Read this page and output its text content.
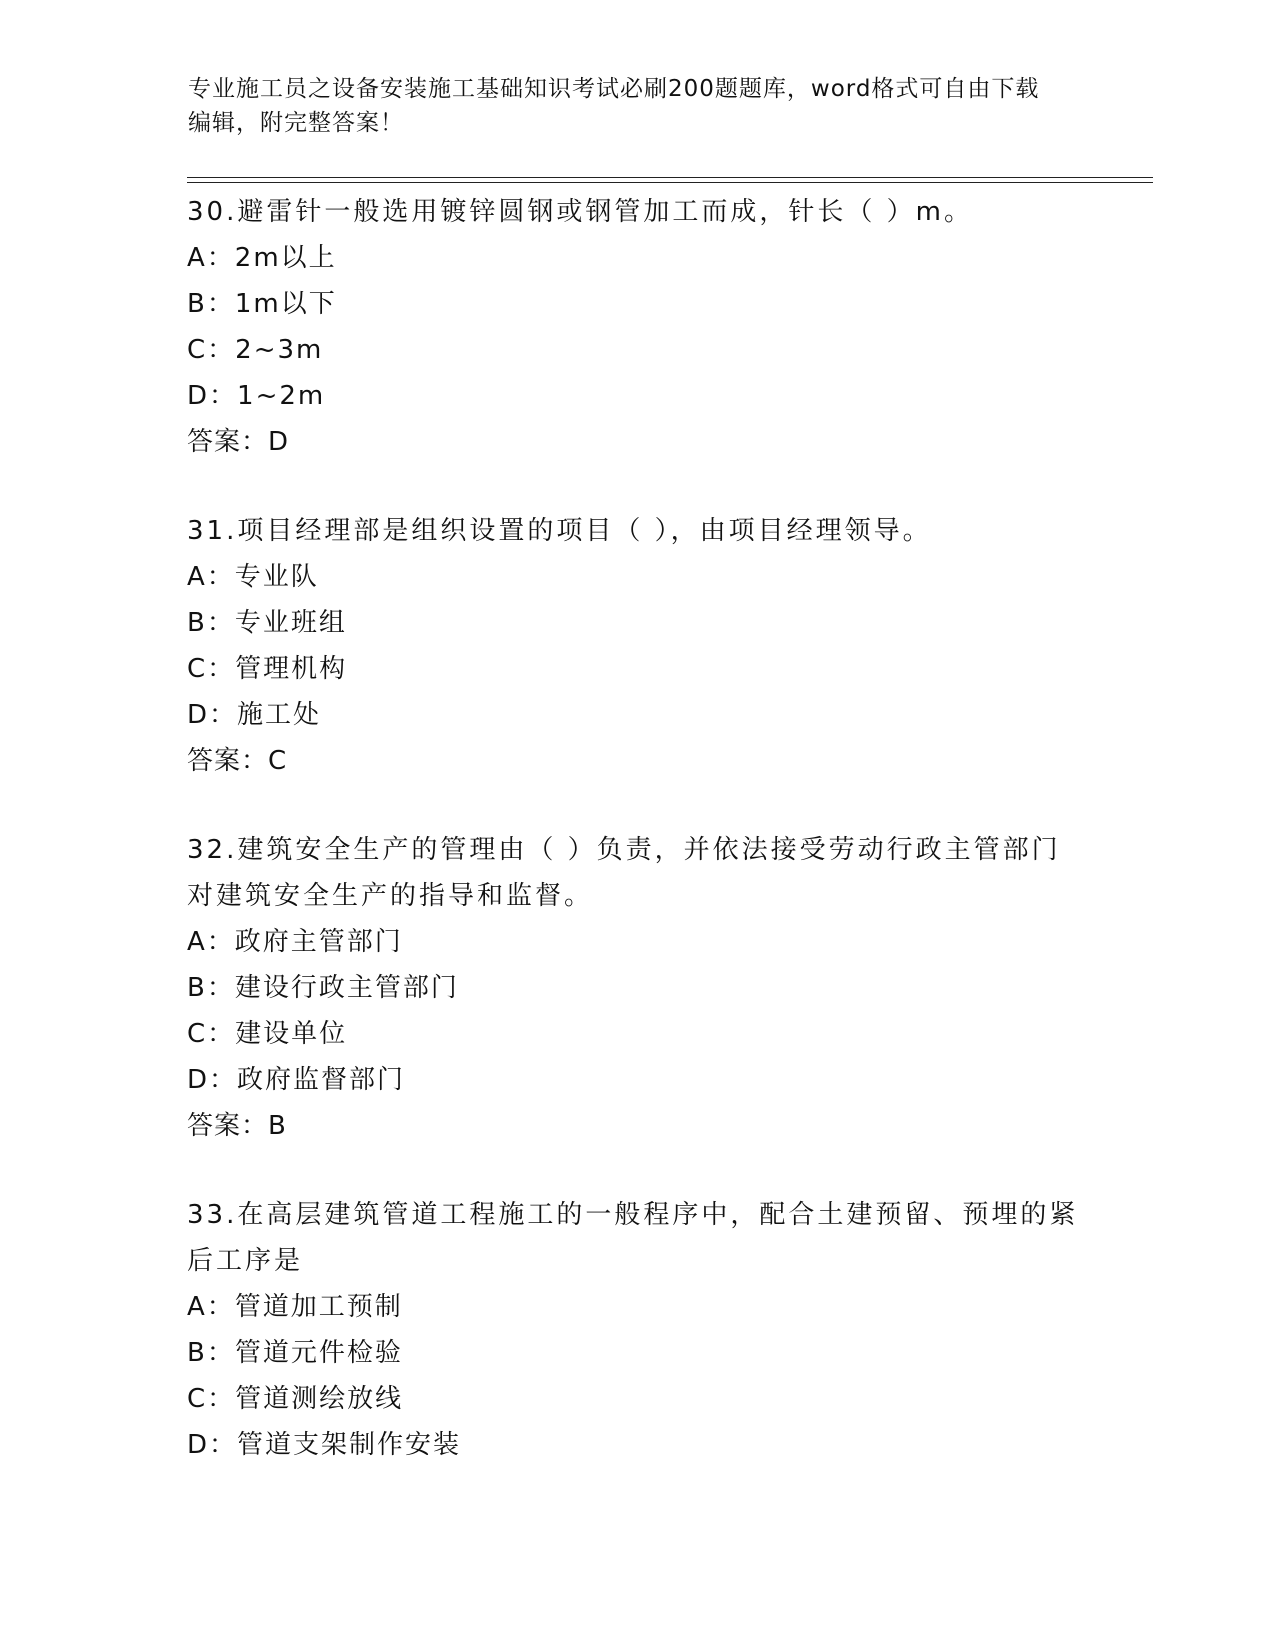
专业施工员之设备安装施工基础知识考试必刷200题题库，word格式可自由下载
编辑，附完整答案！
30.避雷针一般选用镀锌圆钢或钢管加工而成，针长（ ）m。
A：2m以上
B：1m以下
C：2~3m
D：1~2m
答案：D
31.项目经理部是组织设置的项目（ ），由项目经理领导。
A：专业队
B：专业班组
C：管理机构
D：施工处
答案：C
32.建筑安全生产的管理由（ ）负责，并依法接受劳动行政主管部门
对建筑安全生产的指导和监督。
A：政府主管部门
B：建设行政主管部门
C：建设单位
D：政府监督部门
答案：B
33.在高层建筑管道工程施工的一般程序中，配合土建预留、预埋的紧
后工序是
A：管道加工预制
B：管道元件检验
C：管道测绘放线
D：管道支架制作安装
